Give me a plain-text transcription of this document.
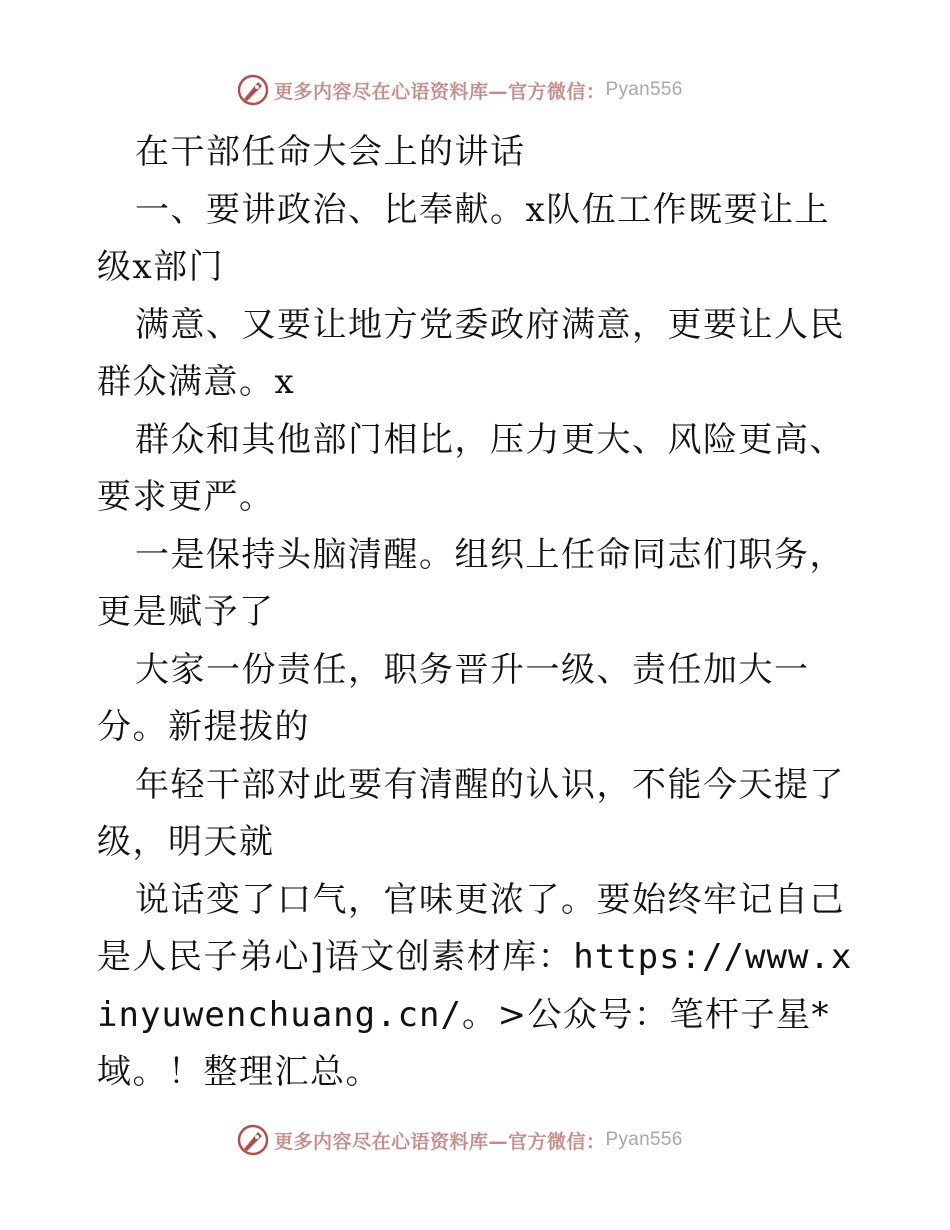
更多内容尽在心语资料库—官方微信： Pyan556

在干部任命大会上的讲话

一、要讲政治、比奉献。x队伍工作既要让上级x部门

满意、又要让地方党委政府满意，更要让人民群众满意。x

群众和其他部门相比，压力更大、风险更高、要求更严。

一是保持头脑清醒。组织上任命同志们职务，更是赋予了

大家一份责任，职务晋升一级、责任加大一分。新提拔的

年轻干部对此要有清醒的认识，不能今天提了级，明天就

说话变了口气，官味更浓了。要始终牢记自己是人民子弟心]语文创素材库：https://www.xinyuwenchuang.cn/。>公众号：笔杆子星*域。！整理汇总。

更多内容尽在心语资料库—官方微信： Pyan556
